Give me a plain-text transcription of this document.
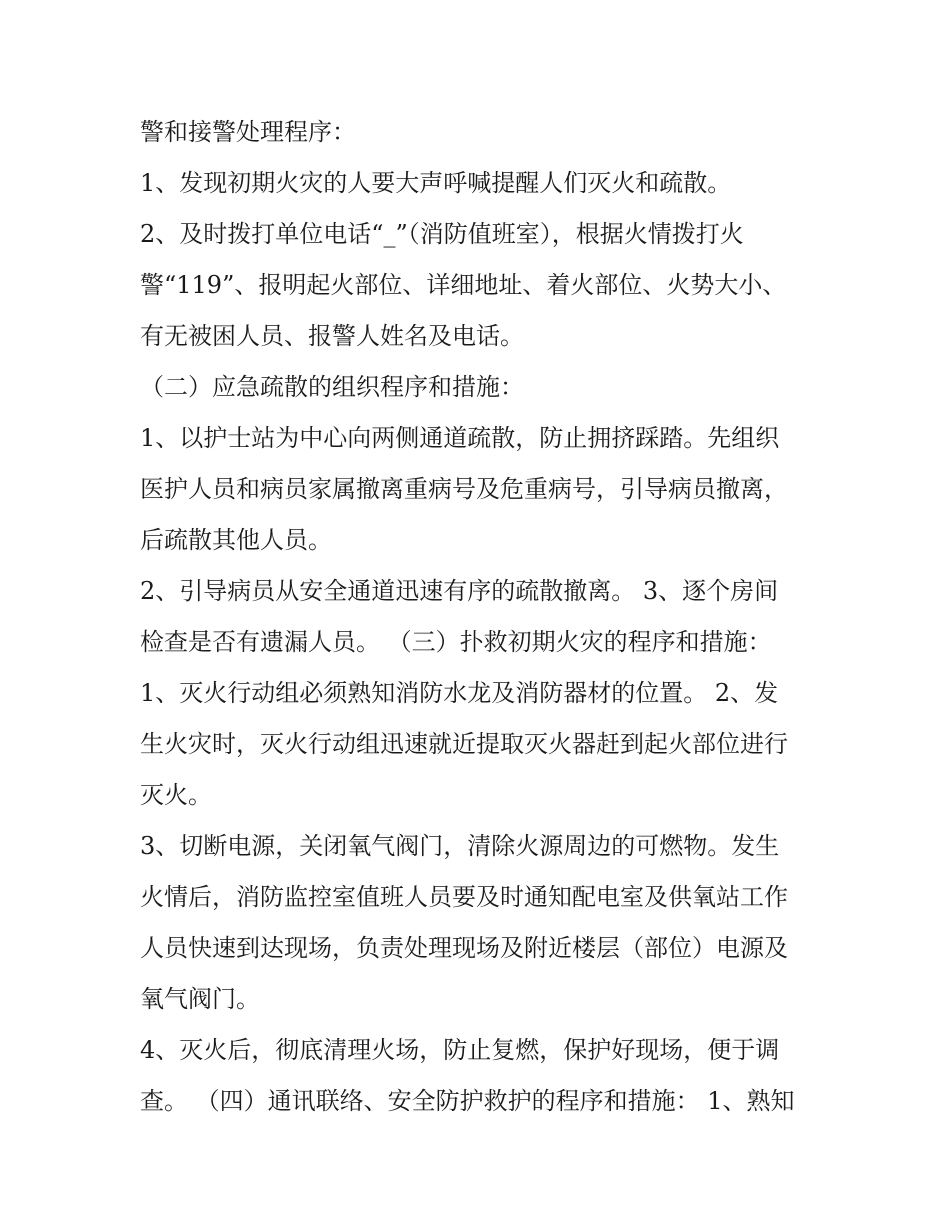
警和接警处理程序：
1、发现初期火灾的人要大声呼喊提醒人们灭火和疏散。
2、及时拨打单位电话“_”（消防值班室），根据火情拨打火
警“119”、报明起火部位、详细地址、着火部位、火势大小、
有无被困人员、报警人姓名及电话。
（二）应急疏散的组织程序和措施：
1、以护士站为中心向两侧通道疏散，防止拥挤踩踏。先组织
医护人员和病员家属撤离重病号及危重病号，引导病员撤离，
后疏散其他人员。
2、引导病员从安全通道迅速有序的疏散撤离。 3、逐个房间
检查是否有遗漏人员。 （三）扑救初期火灾的程序和措施：
1、灭火行动组必须熟知消防水龙及消防器材的位置。 2、发
生火灾时，灭火行动组迅速就近提取灭火器赶到起火部位进行
灭火。
3、切断电源，关闭氧气阀门，清除火源周边的可燃物。发生
火情后，消防监控室值班人员要及时通知配电室及供氧站工作
人员快速到达现场，负责处理现场及附近楼层（部位）电源及
氧气阀门。
4、灭火后，彻底清理火场，防止复燃，保护好现场，便于调
查。 （四）通讯联络、安全防护救护的程序和措施： 1、熟知
